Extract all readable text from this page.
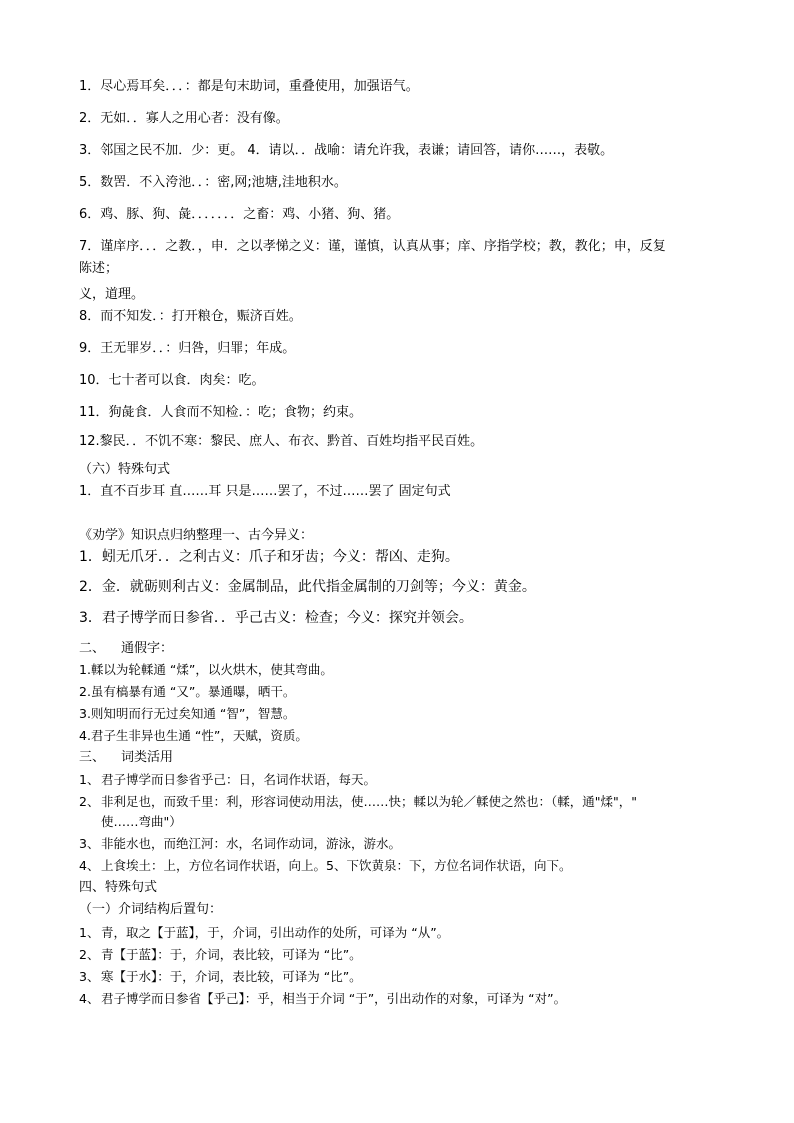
1．尽心焉耳矣．．．：都是句末助词，重叠使用，加强语气。
2．无如．．寡人之用心者：没有像。
3．邻国之民不加．少：更。 4．请以．．战喻：请允许我，表谦；请回答，请你……，表敬。
5．数罟．不入洿池．．：密,网;池塘,洼地积水。
6．鸡、豚、狗、彘．．．．．．．之畜：鸡、小猪、狗、猪。
7．谨庠序．．．之教．，申．之以孝悌之义：谨，谨慎，认真从事；庠、序指学校；教，教化；申，反复
陈述；
义，道理。
8．而不知发．：打开粮仓，赈济百姓。
9．王无罪岁．．：归咎，归罪；年成。
10．七十者可以食．肉矣：吃。
11．狗彘食．人食而不知检．：吃；食物；约束。
12.黎民．．不饥不寒：黎民、庶人、布衣、黔首、百姓均指平民百姓。
（六）特殊句式
1．直不百步耳 直……耳 只是……罢了，不过……罢了 固定句式
《劝学》知识点归纳整理一、古今异义：
1．蚓无爪牙．．之利古义：爪子和牙齿；今义：帮凶、走狗。
2．金．就砺则利古义：金属制品，此代指金属制的刀剑等；今义：黄金。
3．君子博学而日参省．．乎己古义：检查；今义：探究并领会。
二、 通假字：
1.輮以为轮輮通 “煣”，以火烘木，使其弯曲。
2.虽有槁暴有通 “又”。暴通曝，晒干。
3.则知明而行无过矣知通 “智”，智慧。
4.君子生非异也生通 “性”，天赋，资质。
三、 词类活用
1、 君子博学而日参省乎己：日，名词作状语，每天。
2、 非利足也，而致千里：利，形容词使动用法，使……快；輮以为轮／輮使之然也：（輮，通"煣"，"
使……弯曲"）
3、 非能水也，而绝江河：水，名词作动词，游泳，游水。
4、 上食埃土：上，方位名词作状语，向上。5、下饮黄泉：下，方位名词作状语，向下。
四、特殊句式
（一）介词结构后置句：
1、 青，取之【于蓝】，于，介词，引出动作的处所，可译为 “从”。
2、 青【于蓝】：于，介词，表比较，可译为 “比”。
3、 寒【于水】：于，介词，表比较，可译为 “比”。
4、 君子博学而日参省【乎己】：乎，相当于介词 “于”，引出动作的对象，可译为 “对”。
